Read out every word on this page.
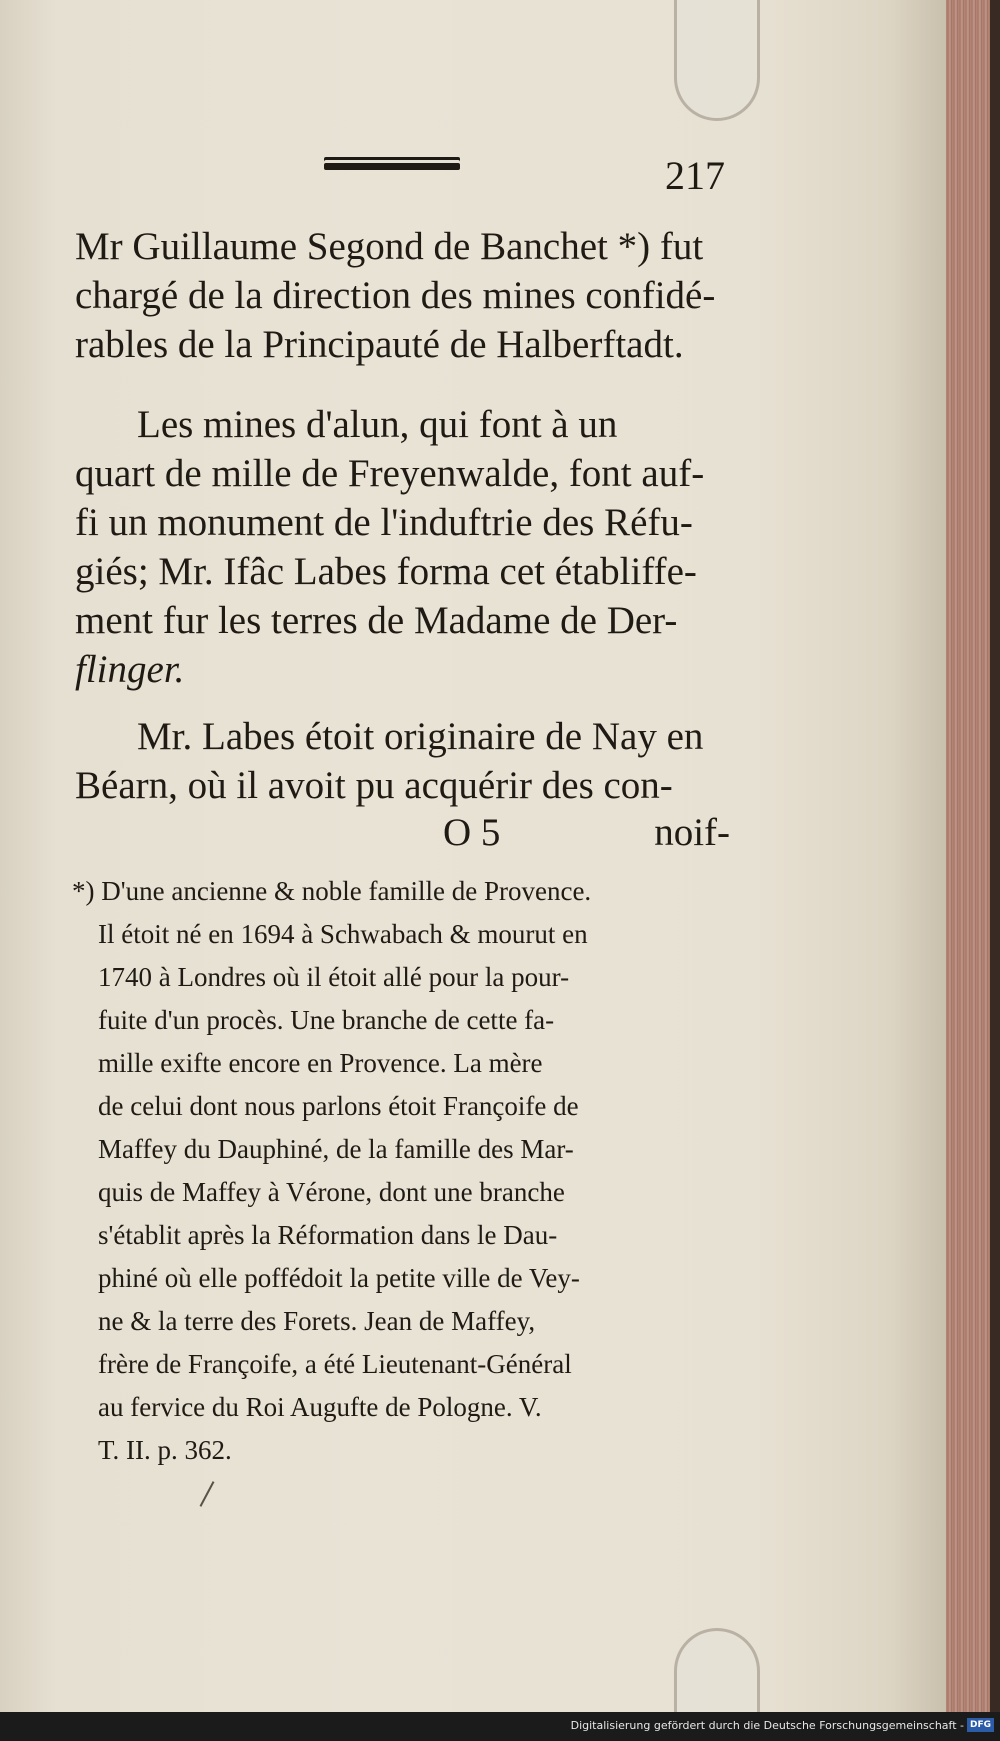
217
Mr Guillaume Segond de Banchet *) fut
chargé de la direction des mines confidé-
rables de la Principauté de Halberftadt.
Les mines d'alun, qui font à un
quart de mille de Freyenwalde, font auf-
fi un monument de l'induftrie des Réfu-
giés; Mr. Ifâc Labes forma cet établiffe-
ment fur les terres de Madame de Der-
flinger.
Mr. Labes étoit originaire de Nay en
Béarn, où il avoit pu acquérir des con-
O 5	noif-
*) D'une ancienne & noble famille de Provence.
Il étoit né en 1694 à Schwabach & mourut en
1740 à Londres où il étoit allé pour la pour-
fuite d'un procès. Une branche de cette fa-
mille exifte encore en Provence. La mère
de celui dont nous parlons étoit Françoife de
Maffey du Dauphiné, de la famille des Mar-
quis de Maffey à Vérone, dont une branche
s'établit après la Réformation dans le Dau-
phiné où elle poffédoit la petite ville de Vey-
ne & la terre des Forets. Jean de Maffey,
frère de Françoife, a été Lieutenant-Général
au fervice du Roi Augufte de Pologne. V.
T. II. p. 362.
Digitalisierung gefördert durch die Deutsche Forschungsgemeinschaft - DFG
